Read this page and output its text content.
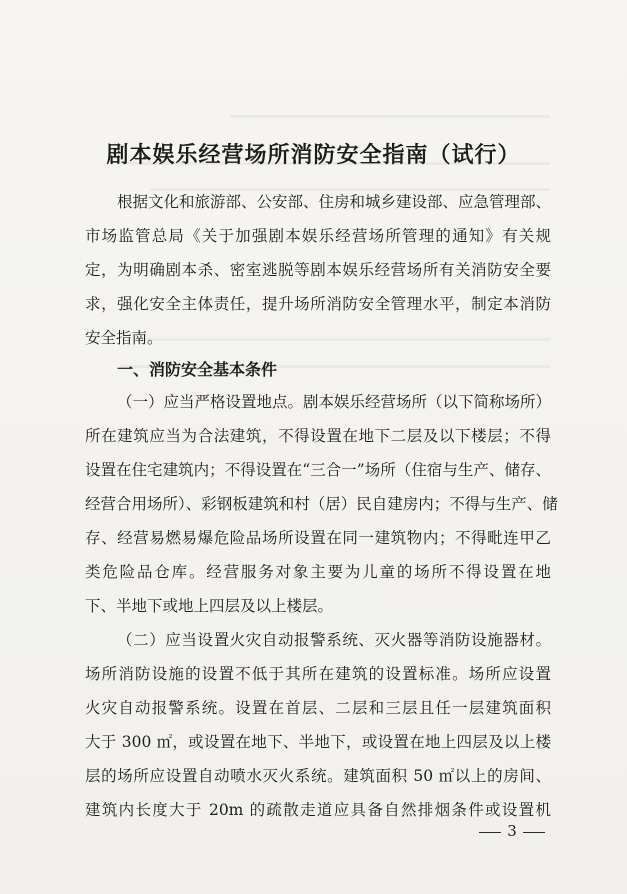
剧本娱乐经营场所消防安全指南（试行）
根据文化和旅游部、公安部、住房和城乡建设部、应急管理部、
市场监管总局《关于加强剧本娱乐经营场所管理的通知》有关规
定，为明确剧本杀、密室逃脱等剧本娱乐经营场所有关消防安全要
求，强化安全主体责任，提升场所消防安全管理水平，制定本消防
安全指南。
一、消防安全基本条件
（一）应当严格设置地点。剧本娱乐经营场所（以下简称场所）
所在建筑应当为合法建筑，不得设置在地下二层及以下楼层；不得
设置在住宅建筑内；不得设置在“三合一”场所（住宿与生产、储存、
经营合用场所）、彩钢板建筑和村（居）民自建房内；不得与生产、储
存、经营易燃易爆危险品场所设置在同一建筑物内；不得毗连甲乙
类危险品仓库。经营服务对象主要为儿童的场所不得设置在地
下、半地下或地上四层及以上楼层。
（二）应当设置火灾自动报警系统、灭火器等消防设施器材。
场所消防设施的设置不低于其所在建筑的设置标准。场所应设置
火灾自动报警系统。设置在首层、二层和三层且任一层建筑面积
大于 300 ㎡，或设置在地下、半地下，或设置在地上四层及以上楼
层的场所应设置自动喷水灭火系统。建筑面积 50 ㎡以上的房间、
建筑内长度大于 20m 的疏散走道应具备自然排烟条件或设置机
3
